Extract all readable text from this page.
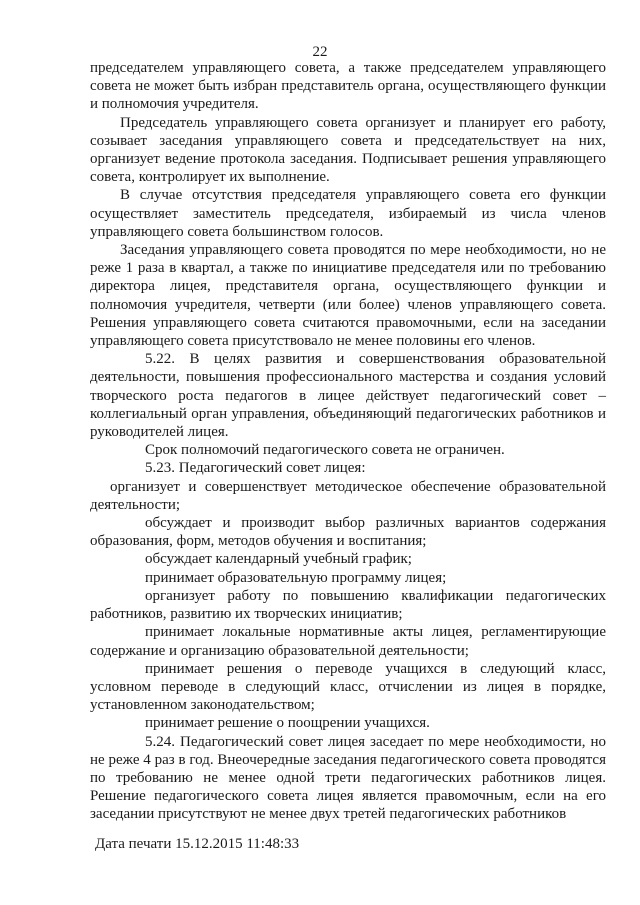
22

председателем управляющего совета, а также председателем управляющего совета не может быть избран представитель органа, осуществляющего функции и полномочия учредителя.

Председатель управляющего совета организует и планирует его работу, созывает заседания управляющего совета и председательствует на них, организует ведение протокола заседания. Подписывает решения управляющего совета, контролирует их выполнение.

В случае отсутствия председателя управляющего совета его функции осуществляет заместитель председателя, избираемый из числа членов управляющего совета большинством голосов.

Заседания управляющего совета проводятся по мере необходимости, но не реже 1 раза в квартал, а также по инициативе председателя или по требованию директора лицея, представителя органа, осуществляющего функции и полномочия учредителя, четверти (или более) членов управляющего совета. Решения управляющего совета считаются правомочными, если на заседании управляющего совета присутствовало не менее половины его членов.

5.22. В целях развития и совершенствования образовательной деятельности, повышения профессионального мастерства и создания условий творческого роста педагогов в лицее действует педагогический совет – коллегиальный орган управления, объединяющий педагогических работников и руководителей лицея.

Срок полномочий педагогического совета не ограничен.

5.23. Педагогический совет лицея:

организует и совершенствует методическое обеспечение образовательной деятельности;

обсуждает и производит выбор различных вариантов содержания образования, форм, методов обучения и воспитания;

обсуждает календарный учебный график;

принимает образовательную программу лицея;

организует работу по повышению квалификации педагогических работников, развитию их творческих инициатив;

принимает локальные нормативные акты лицея, регламентирующие содержание и организацию образовательной деятельности;

принимает решения о переводе учащихся в следующий класс, условном переводе в следующий класс, отчислении из лицея в порядке, установленном законодательством;

принимает решение о поощрении учащихся.

5.24. Педагогический совет лицея заседает по мере необходимости, но не реже 4 раз в год. Внеочередные заседания педагогического совета проводятся по требованию не менее одной трети педагогических работников лицея. Решение педагогического совета лицея является правомочным, если на его заседании присутствуют не менее двух третей педагогических работников

Дата печати 15.12.2015 11:48:33
